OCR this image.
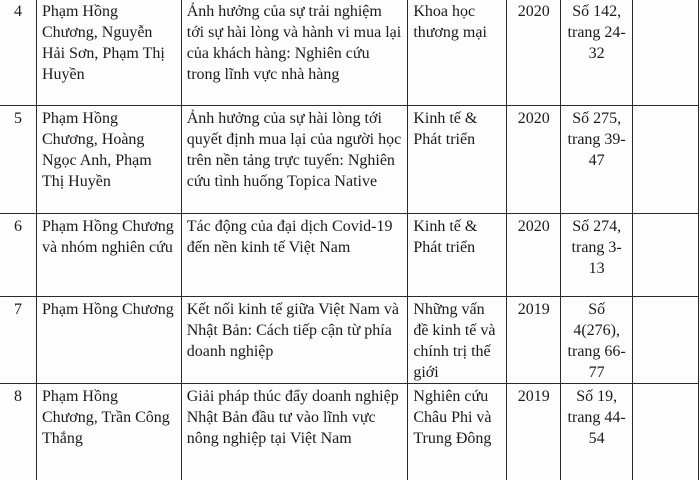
4	Phạm Hồng Chương, Nguyễn Hải Sơn, Phạm Thị Huyền	Ảnh hưởng của sự trải nghiệm tới sự hài lòng và hành vi mua lại của khách hàng: Nghiên cứu trong lĩnh vực nhà hàng	Khoa học thương mại	2020	Số 142, trang 24-32	
5	Phạm Hồng Chương, Hoàng Ngọc Anh, Phạm Thị Huyền	Ảnh hưởng của sự hài lòng tới quyết định mua lại của người học trên nền tảng trực tuyến: Nghiên cứu tình huống Topica Native	Kinh tế & Phát triển	2020	Số 275, trang 39-47	
6	Phạm Hồng Chương và nhóm nghiên cứu	Tác động của đại dịch Covid-19 đến nền kinh tế Việt Nam	Kinh tế & Phát triển	2020	Số 274, trang 3-13	
7	Phạm Hồng Chương	Kết nối kinh tế giữa Việt Nam và Nhật Bản: Cách tiếp cận từ phía doanh nghiệp	Những vấn đề kinh tế và chính trị thế giới	2019	Số 4(276), trang 66-77	
8	Phạm Hồng Chương, Trần Công Thắng	Giải pháp thúc đẩy doanh nghiệp Nhật Bản đầu tư vào lĩnh vực nông nghiệp tại Việt Nam	Nghiên cứu Châu Phi và Trung Đông	2019	Số 19, trang 44-54	
